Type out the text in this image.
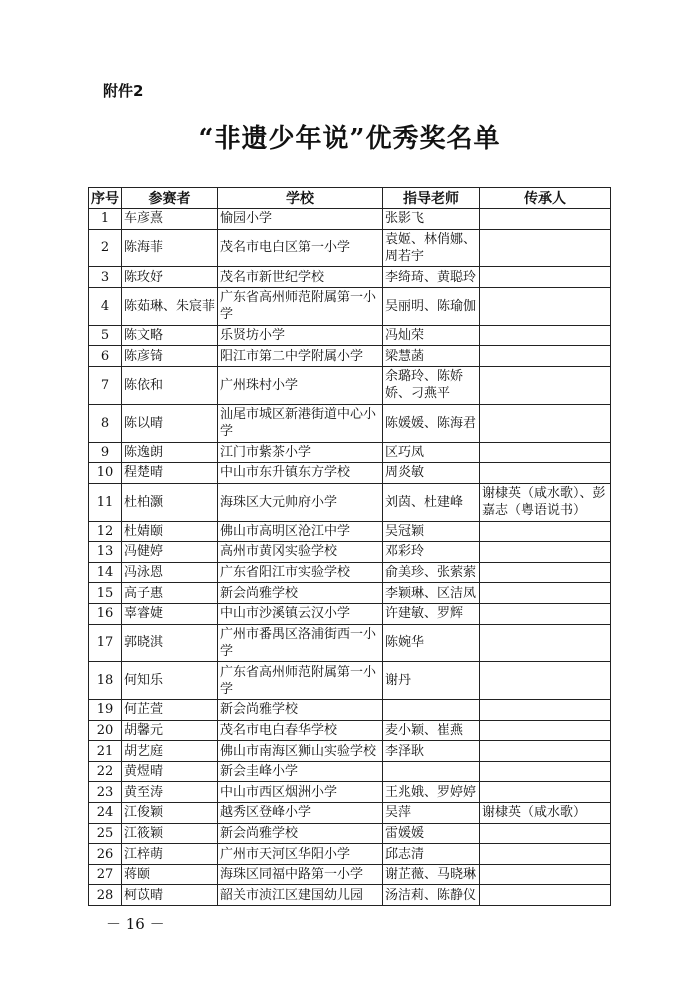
附件2
“非遗少年说”优秀奖名单
序号	参赛者	学校	指导老师	传承人
1	车彦熹	愉园小学	张影飞	
2	陈海菲	茂名市电白区第一小学	袁姬、林俏娜、周若宇	
3	陈玫妤	茂名市新世纪学校	李绮琦、黄聪玲	
4	陈茹琳、朱宸菲	广东省高州师范附属第一小学	吴丽明、陈瑜伽	
5	陈文略	乐贤坊小学	冯灿荣	
6	陈彦锜	阳江市第二中学附属小学	梁慧菡	
7	陈依和	广州珠村小学	余璐玲、陈娇娇、刁燕平	
8	陈以晴	汕尾市城区新港街道中心小学	陈媛媛、陈海君	
9	陈逸朗	江门市紫茶小学	区巧凤	
10	程楚晴	中山市东升镇东方学校	周炎敏	
11	杜柏灏	海珠区大元帅府小学	刘茵、杜建峰	谢棣英（咸水歌）、彭嘉志（粤语说书）
12	杜婧颐	佛山市高明区沧江中学	吴冠颖	
13	冯健婷	高州市黄冈实验学校	邓彩玲	
14	冯泳恩	广东省阳江市实验学校	俞美珍、张萦萦	
15	高子惠	新会尚雅学校	李颖琳、区洁凤	
16	辜睿婕	中山市沙溪镇云汉小学	许建敏、罗辉	
17	郭晓淇	广州市番禺区洛浦街西一小学	陈婉华	
18	何知乐	广东省高州师范附属第一小学	谢丹	
19	何芷萱	新会尚雅学校		
20	胡馨元	茂名市电白春华学校	麦小颖、崔燕	
21	胡艺庭	佛山市南海区狮山实验学校	李泽耿	
22	黄煜晴	新会圭峰小学		
23	黄至涛	中山市西区烟洲小学	王兆娥、罗婷婷	
24	江俊颖	越秀区登峰小学	吴萍	谢棣英（咸水歌）
25	江筱颖	新会尚雅学校	雷媛媛	
26	江梓萌	广州市天河区华阳小学	邱志清	
27	蒋颐	海珠区同福中路第一小学	谢芷薇、马晓琳	
28	柯苡晴	韶关市浈江区建国幼儿园	汤洁莉、陈静仪	
－ 16 －
